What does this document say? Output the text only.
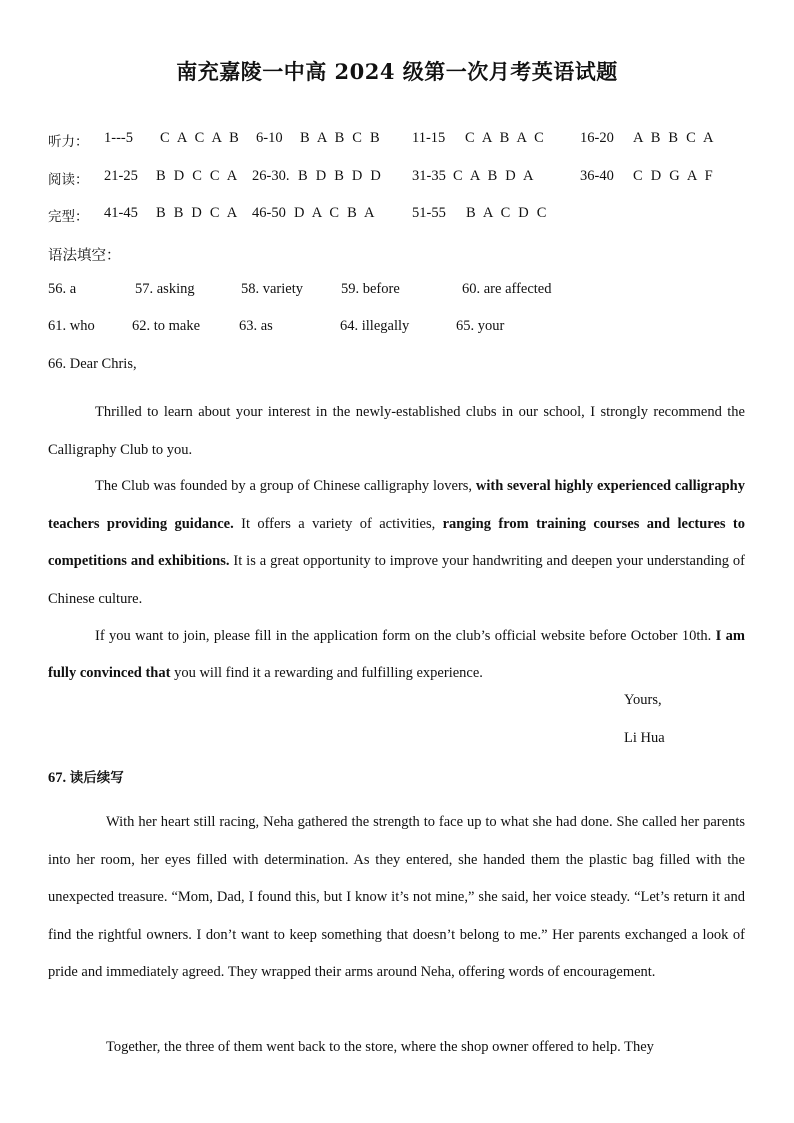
南充嘉陵一中高 2024 级第一次月考英语试题
听力： 1---5 C A C A B 6-10 B A B C B 11-15 C A B A C 16-20 A B B C A
阅读： 21-25 B D C C A 26-30. B D B D D 31-35 C A B D A	36-40 C D G A F
完型： 41-45 B B D C A 46-50 D A C B A 51-55 B A C D C
语法填空：
56. a	57. asking	58. variety	59. before	60. are affected
61. who	62. to make	63. as	64. illegally	65. your
66. Dear Chris,

Thrilled to learn about your interest in the newly-established clubs in our school, I strongly recommend the Calligraphy Club to you.

The Club was founded by a group of Chinese calligraphy lovers, with several highly experienced calligraphy teachers providing guidance. It offers a variety of activities, ranging from training courses and lectures to competitions and exhibitions. It is a great opportunity to improve your handwriting and deepen your understanding of Chinese culture.

If you want to join, please fill in the application form on the club’s official website before October 10th. I am fully convinced that you will find it a rewarding and fulfilling experience.

Yours,
Li Hua
67. 读后续写

With her heart still racing, Neha gathered the strength to face up to what she had done. She called her parents into her room, her eyes filled with determination. As they entered, she handed them the plastic bag filled with the unexpected treasure. “Mom, Dad, I found this, but I know it’s not mine,” she said, her voice steady. “Let’s return it and find the rightful owners. I don’t want to keep something that doesn’t belong to me.” Her parents exchanged a look of pride and immediately agreed. They wrapped their arms around Neha, offering words of encouragement.

Together, the three of them went back to the store, where the shop owner offered to help. They
